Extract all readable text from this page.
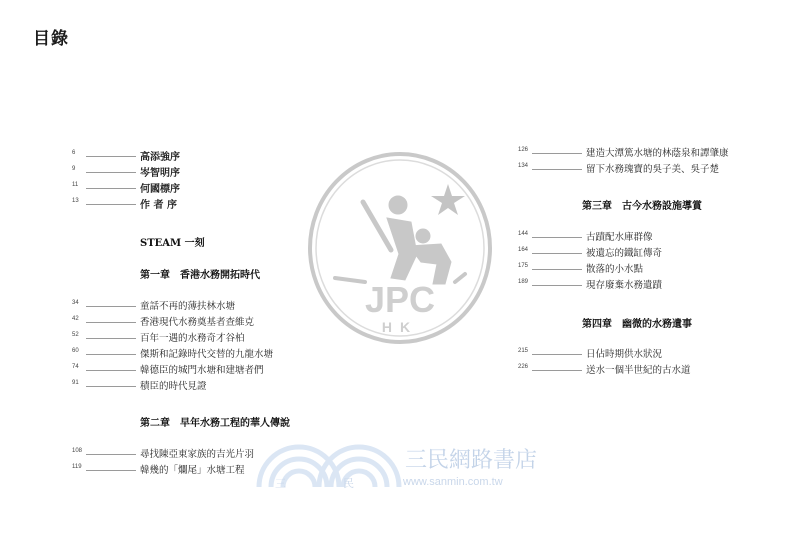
目錄
6	高添強序
9	岑智明序
11	何國標序
13	作 者 序
STEAM 一刻
第一章　香港水務開拓時代
34	童話不再的薄扶林水塘
42	香港現代水務奠基者查維克
52	百年一遇的水務奇才谷柏
60	傑斯和記錄時代交替的九龍水塘
74	韓德臣的城門水塘和建塘者們
91	積臣的時代見證
第二章　早年水務工程的華人傳說
108	尋找陳亞東家族的吉光片羽
119	韓幾的「爛尾」水塘工程
126	建造大潭篤水塘的林蔭泉和譚肇康
134	留下水務瑰寶的吳子美、吳子楚
第三章　古今水務設施導賞
144	古蹟配水庫群像
164	被遺忘的鐵缸傳奇
175	散落的小水點
189	現存廢棄水務遺蹟
第四章　幽微的水務遺事
215	日佔時期供水狀況
226	送水一個半世紀的古水道
JPC
HK
三	民
三民網路書店
www.sanmin.com.tw
